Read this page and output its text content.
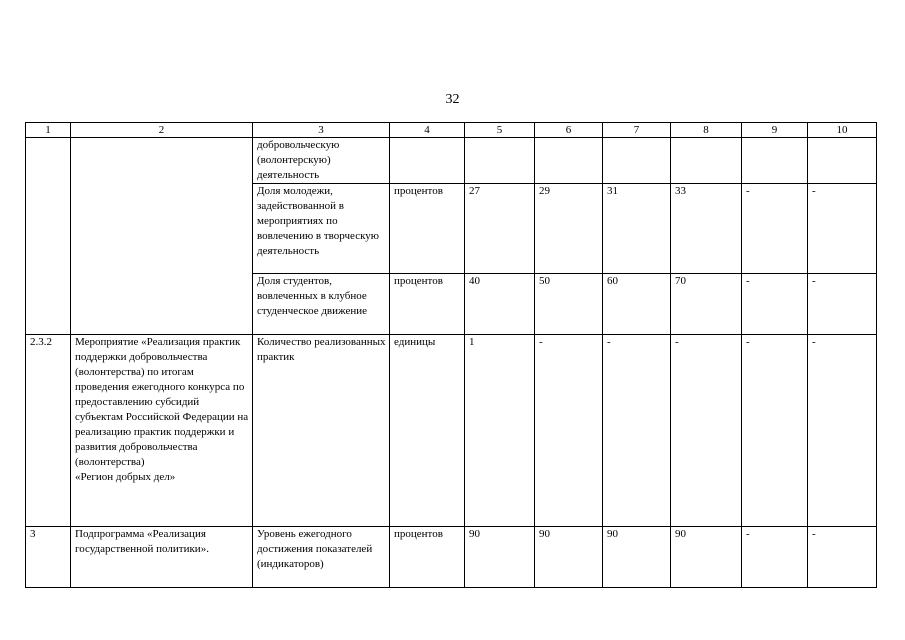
32
1	2	3	4	5	6	7	8	9	10
		добровольческую (волонтерскую) деятельность							
		Доля молодежи, задействованной в мероприятиях по вовлечению в творческую деятельность	процентов	27	29	31	33	-	-
		Доля студентов, вовлеченных в клубное студенческое движение	процентов	40	50	60	70	-	-
2.3.2	Мероприятие «Реализация практик поддержки добровольчества (волонтерства) по итогам проведения ежегодного конкурса по предоставлению субсидий субъектам Российской Федерации на реализацию практик поддержки и развития добровольчества (волонтерства)
«Регион добрых дел»	Количество реализованных практик	единицы	1	-	-	-	-	-
3	Подпрограмма «Реализация государственной политики».	Уровень ежегодного достижения показателей (индикаторов)	процентов	90	90	90	90	-	-
